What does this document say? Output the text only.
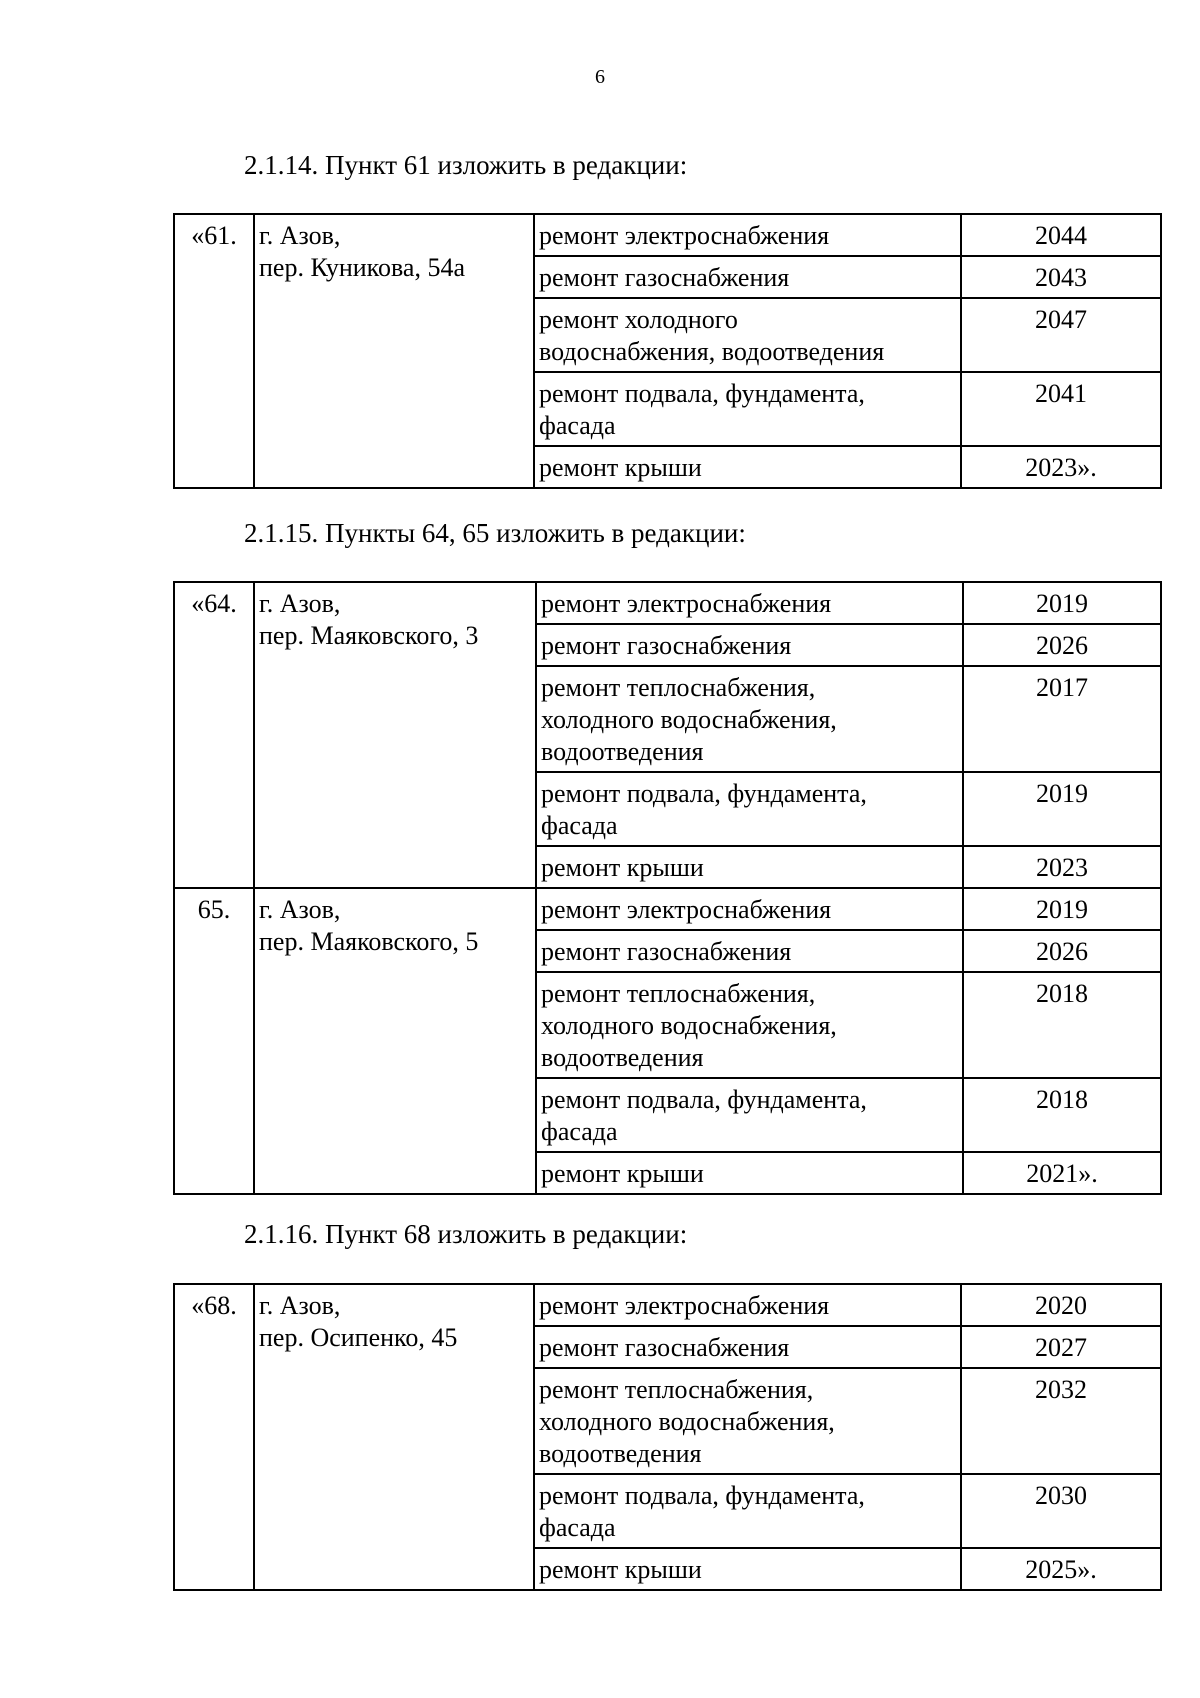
6
2.1.14. Пункт 61 изложить в редакции:
«61.	г. Азов,
пер. Куникова, 54а	ремонт электроснабжения	2044

		ремонт газоснабжения	2043

		ремонт холодного
водоснабжения, водоотведения	2047

		ремонт подвала, фундамента,
фасада	2041

		ремонт крыши	2023».
2.1.15. Пункты 64, 65 изложить в редакции:
«64.	г. Азов,
пер. Маяковского, 3	ремонт электроснабжения	2019

		ремонт газоснабжения	2026

		ремонт теплоснабжения,
холодного водоснабжения,
водоотведения	2017

		ремонт подвала, фундамента,
фасада	2019

		ремонт крыши	2023
65.	г. Азов,
пер. Маяковского, 5	ремонт электроснабжения	2019

		ремонт газоснабжения	2026

		ремонт теплоснабжения,
холодного водоснабжения,
водоотведения	2018

		ремонт подвала, фундамента,
фасада	2018

		ремонт крыши	2021».
2.1.16. Пункт 68 изложить в редакции:
«68.	г. Азов,
пер. Осипенко, 45	ремонт электроснабжения	2020

		ремонт газоснабжения	2027

		ремонт теплоснабжения,
холодного водоснабжения,
водоотведения	2032

		ремонт подвала, фундамента,
фасада	2030

		ремонт крыши	2025».
